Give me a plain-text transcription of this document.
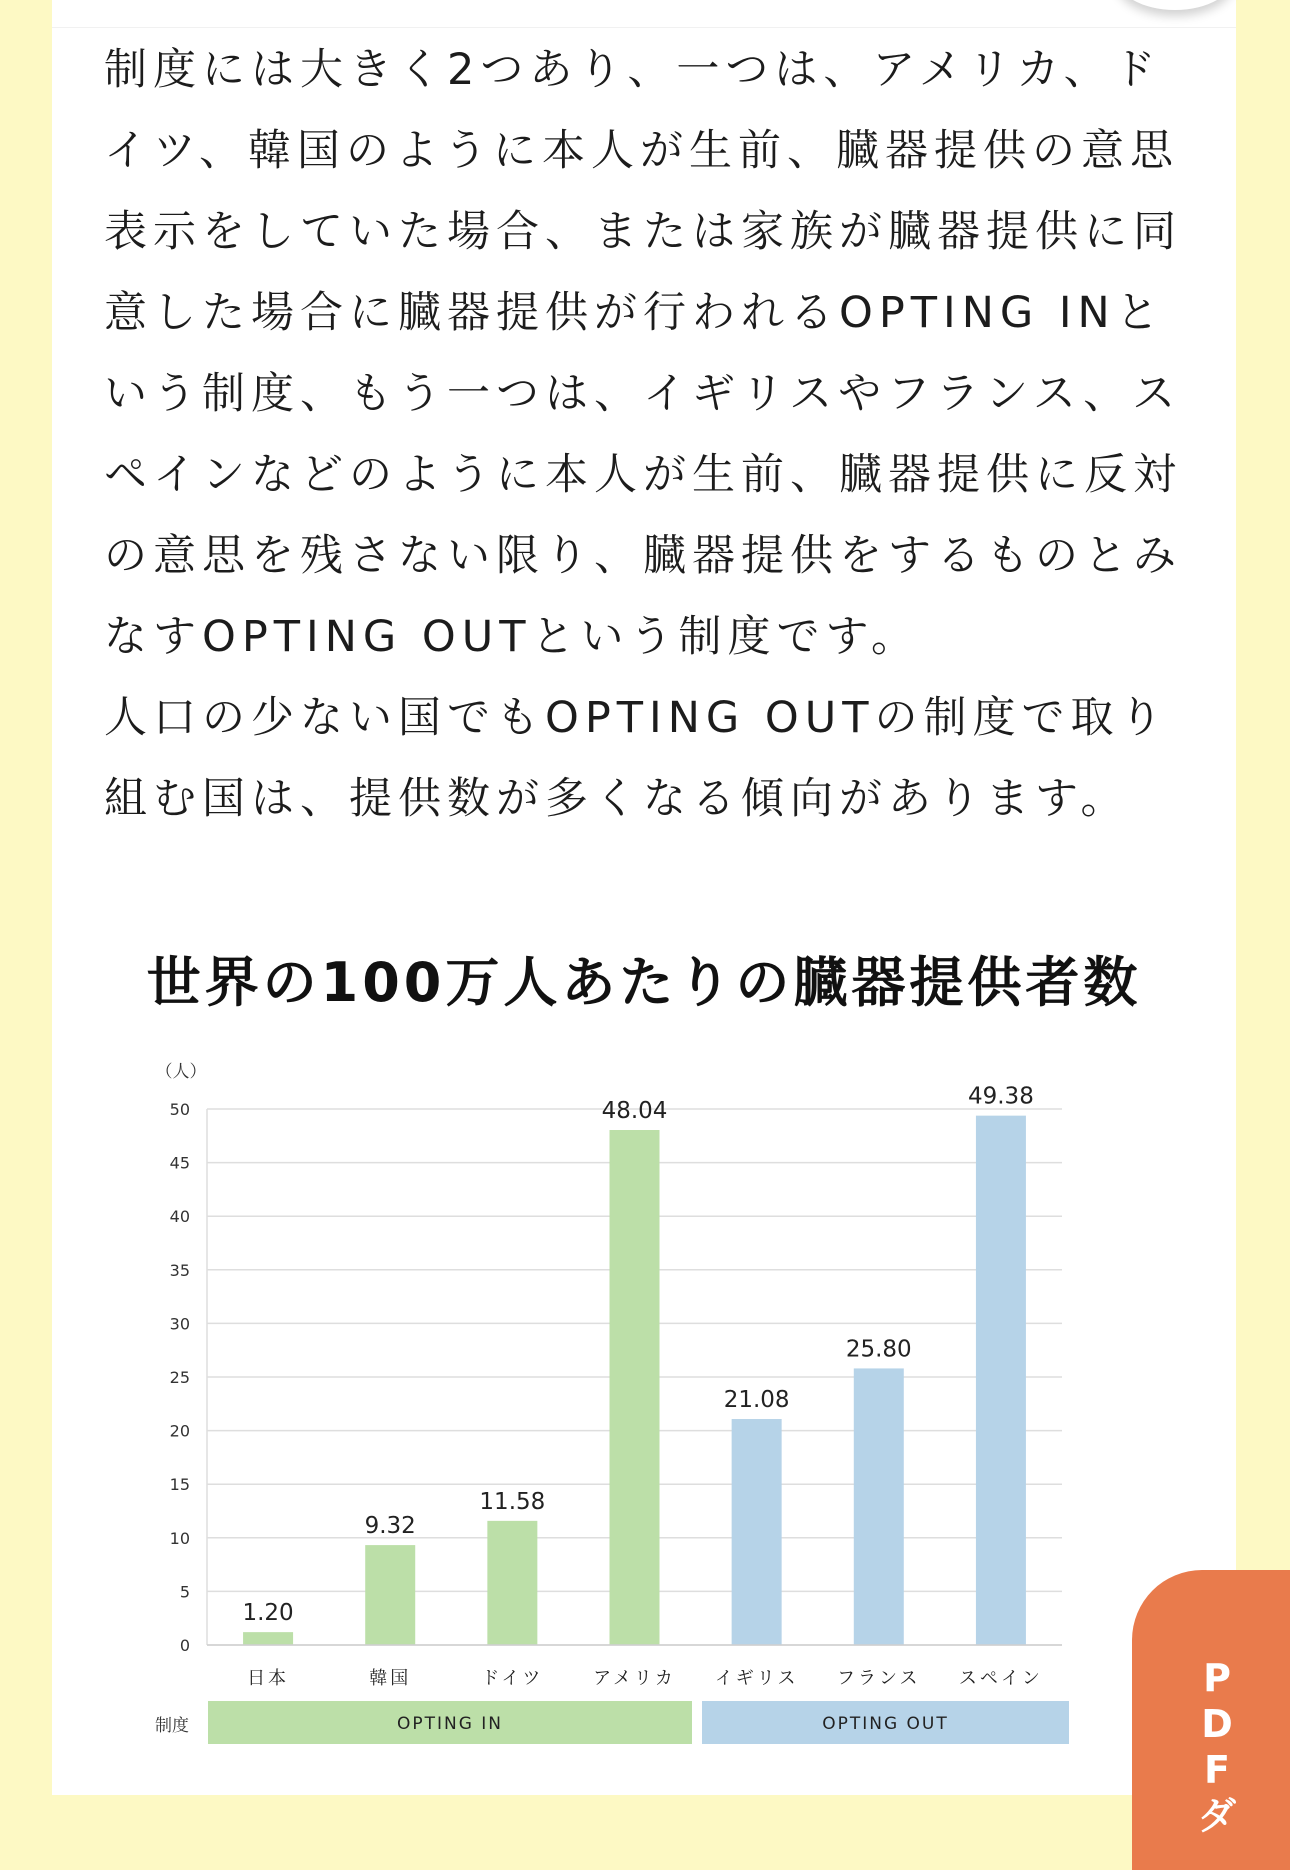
制度には大きく2つあり、一つは、アメリカ、ドイツ、韓国のように本人が生前、臓器提供の意思表示をしていた場合、または家族が臓器提供に同意した場合に臓器提供が行われるOPTING INという制度、もう一つは、イギリスやフランス、スペインなどのように本人が生前、臓器提供に反対の意思を残さない限り、臓器提供をするものとみなすOPTING OUTという制度です。

人口の少ない国でもOPTING OUTの制度で取り組む国は、提供数が多くなる傾向があります。

世界の100万人あたりの臓器提供者数
（人）
0
5
10
15
20
25
30
35
40
45
50
1.20
日本
9.32
韓国
11.58
ドイツ
48.04
アメリカ
21.08
イギリス
25.80
フランス
49.38
スペイン
制度	OPTING IN	OPTING OUT
PDFダ
